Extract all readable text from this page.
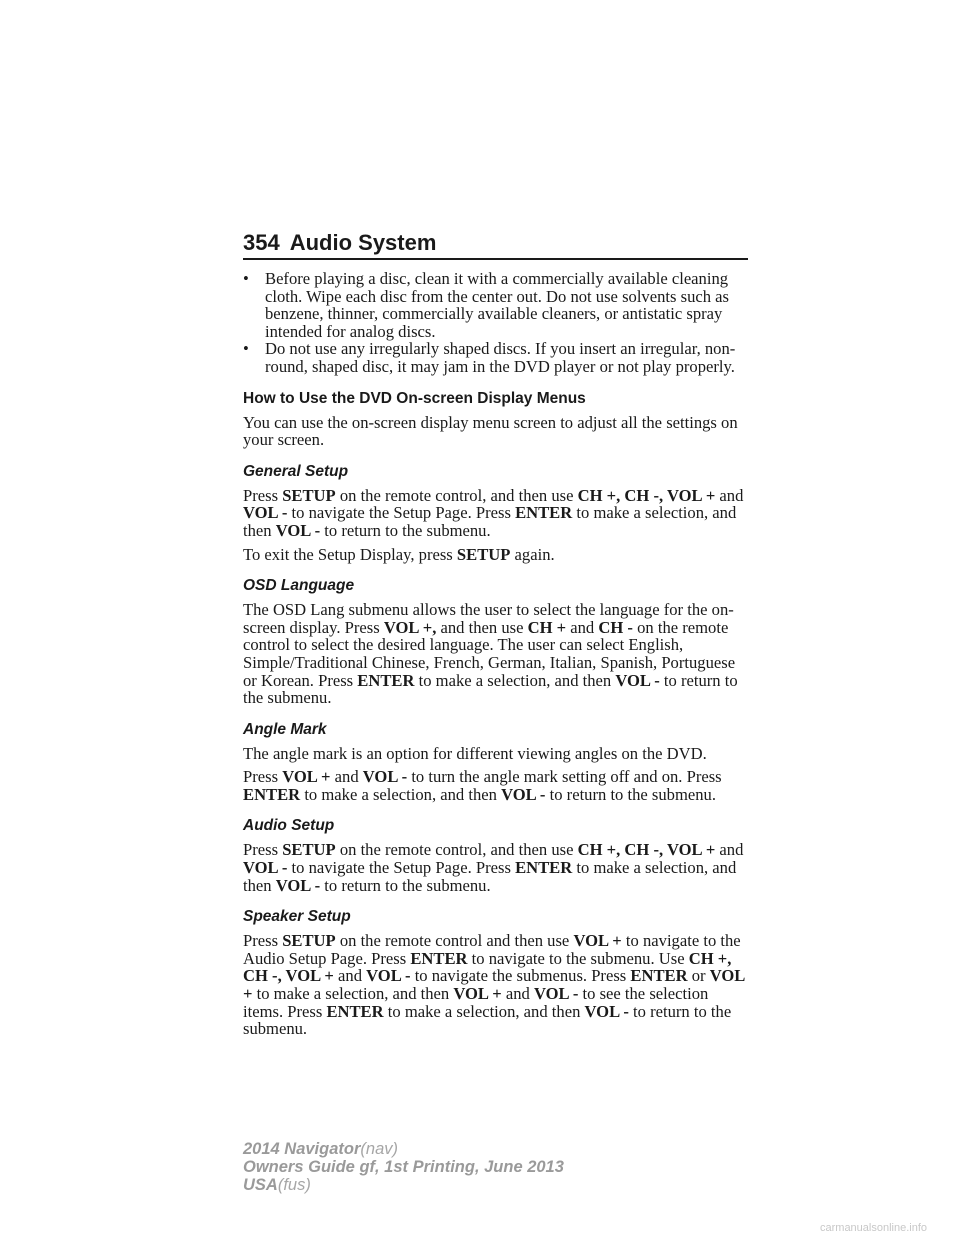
354 Audio System
• Before playing a disc, clean it with a commercially available cleaning cloth. Wipe each disc from the center out. Do not use solvents such as benzene, thinner, commercially available cleaners, or antistatic spray intended for analog discs.
• Do not use any irregularly shaped discs. If you insert an irregular, non-round, shaped disc, it may jam in the DVD player or not play properly.
How to Use the DVD On-screen Display Menus

You can use the on-screen display menu screen to adjust all the settings on your screen.

General Setup

Press SETUP on the remote control, and then use CH +, CH -, VOL + and VOL - to navigate the Setup Page. Press ENTER to make a selection, and then VOL - to return to the submenu.

To exit the Setup Display, press SETUP again.

OSD Language

The OSD Lang submenu allows the user to select the language for the on-screen display. Press VOL +, and then use CH + and CH - on the remote control to select the desired language. The user can select English, Simple/Traditional Chinese, French, German, Italian, Spanish, Portuguese or Korean. Press ENTER to make a selection, and then VOL - to return to the submenu.

Angle Mark

The angle mark is an option for different viewing angles on the DVD.

Press VOL + and VOL - to turn the angle mark setting off and on. Press ENTER to make a selection, and then VOL - to return to the submenu.

Audio Setup

Press SETUP on the remote control, and then use CH +, CH -, VOL + and VOL - to navigate the Setup Page. Press ENTER to make a selection, and then VOL - to return to the submenu.

Speaker Setup

Press SETUP on the remote control and then use VOL + to navigate to the Audio Setup Page. Press ENTER to navigate to the submenu. Use CH +, CH -, VOL + and VOL - to navigate the submenus. Press ENTER or VOL + to make a selection, and then VOL + and VOL - to see the selection items. Press ENTER to make a selection, and then VOL - to return to the submenu.

2014 Navigator(nav)
Owners Guide gf, 1st Printing, June 2013
USA(fus)
carmanualsonline.info
